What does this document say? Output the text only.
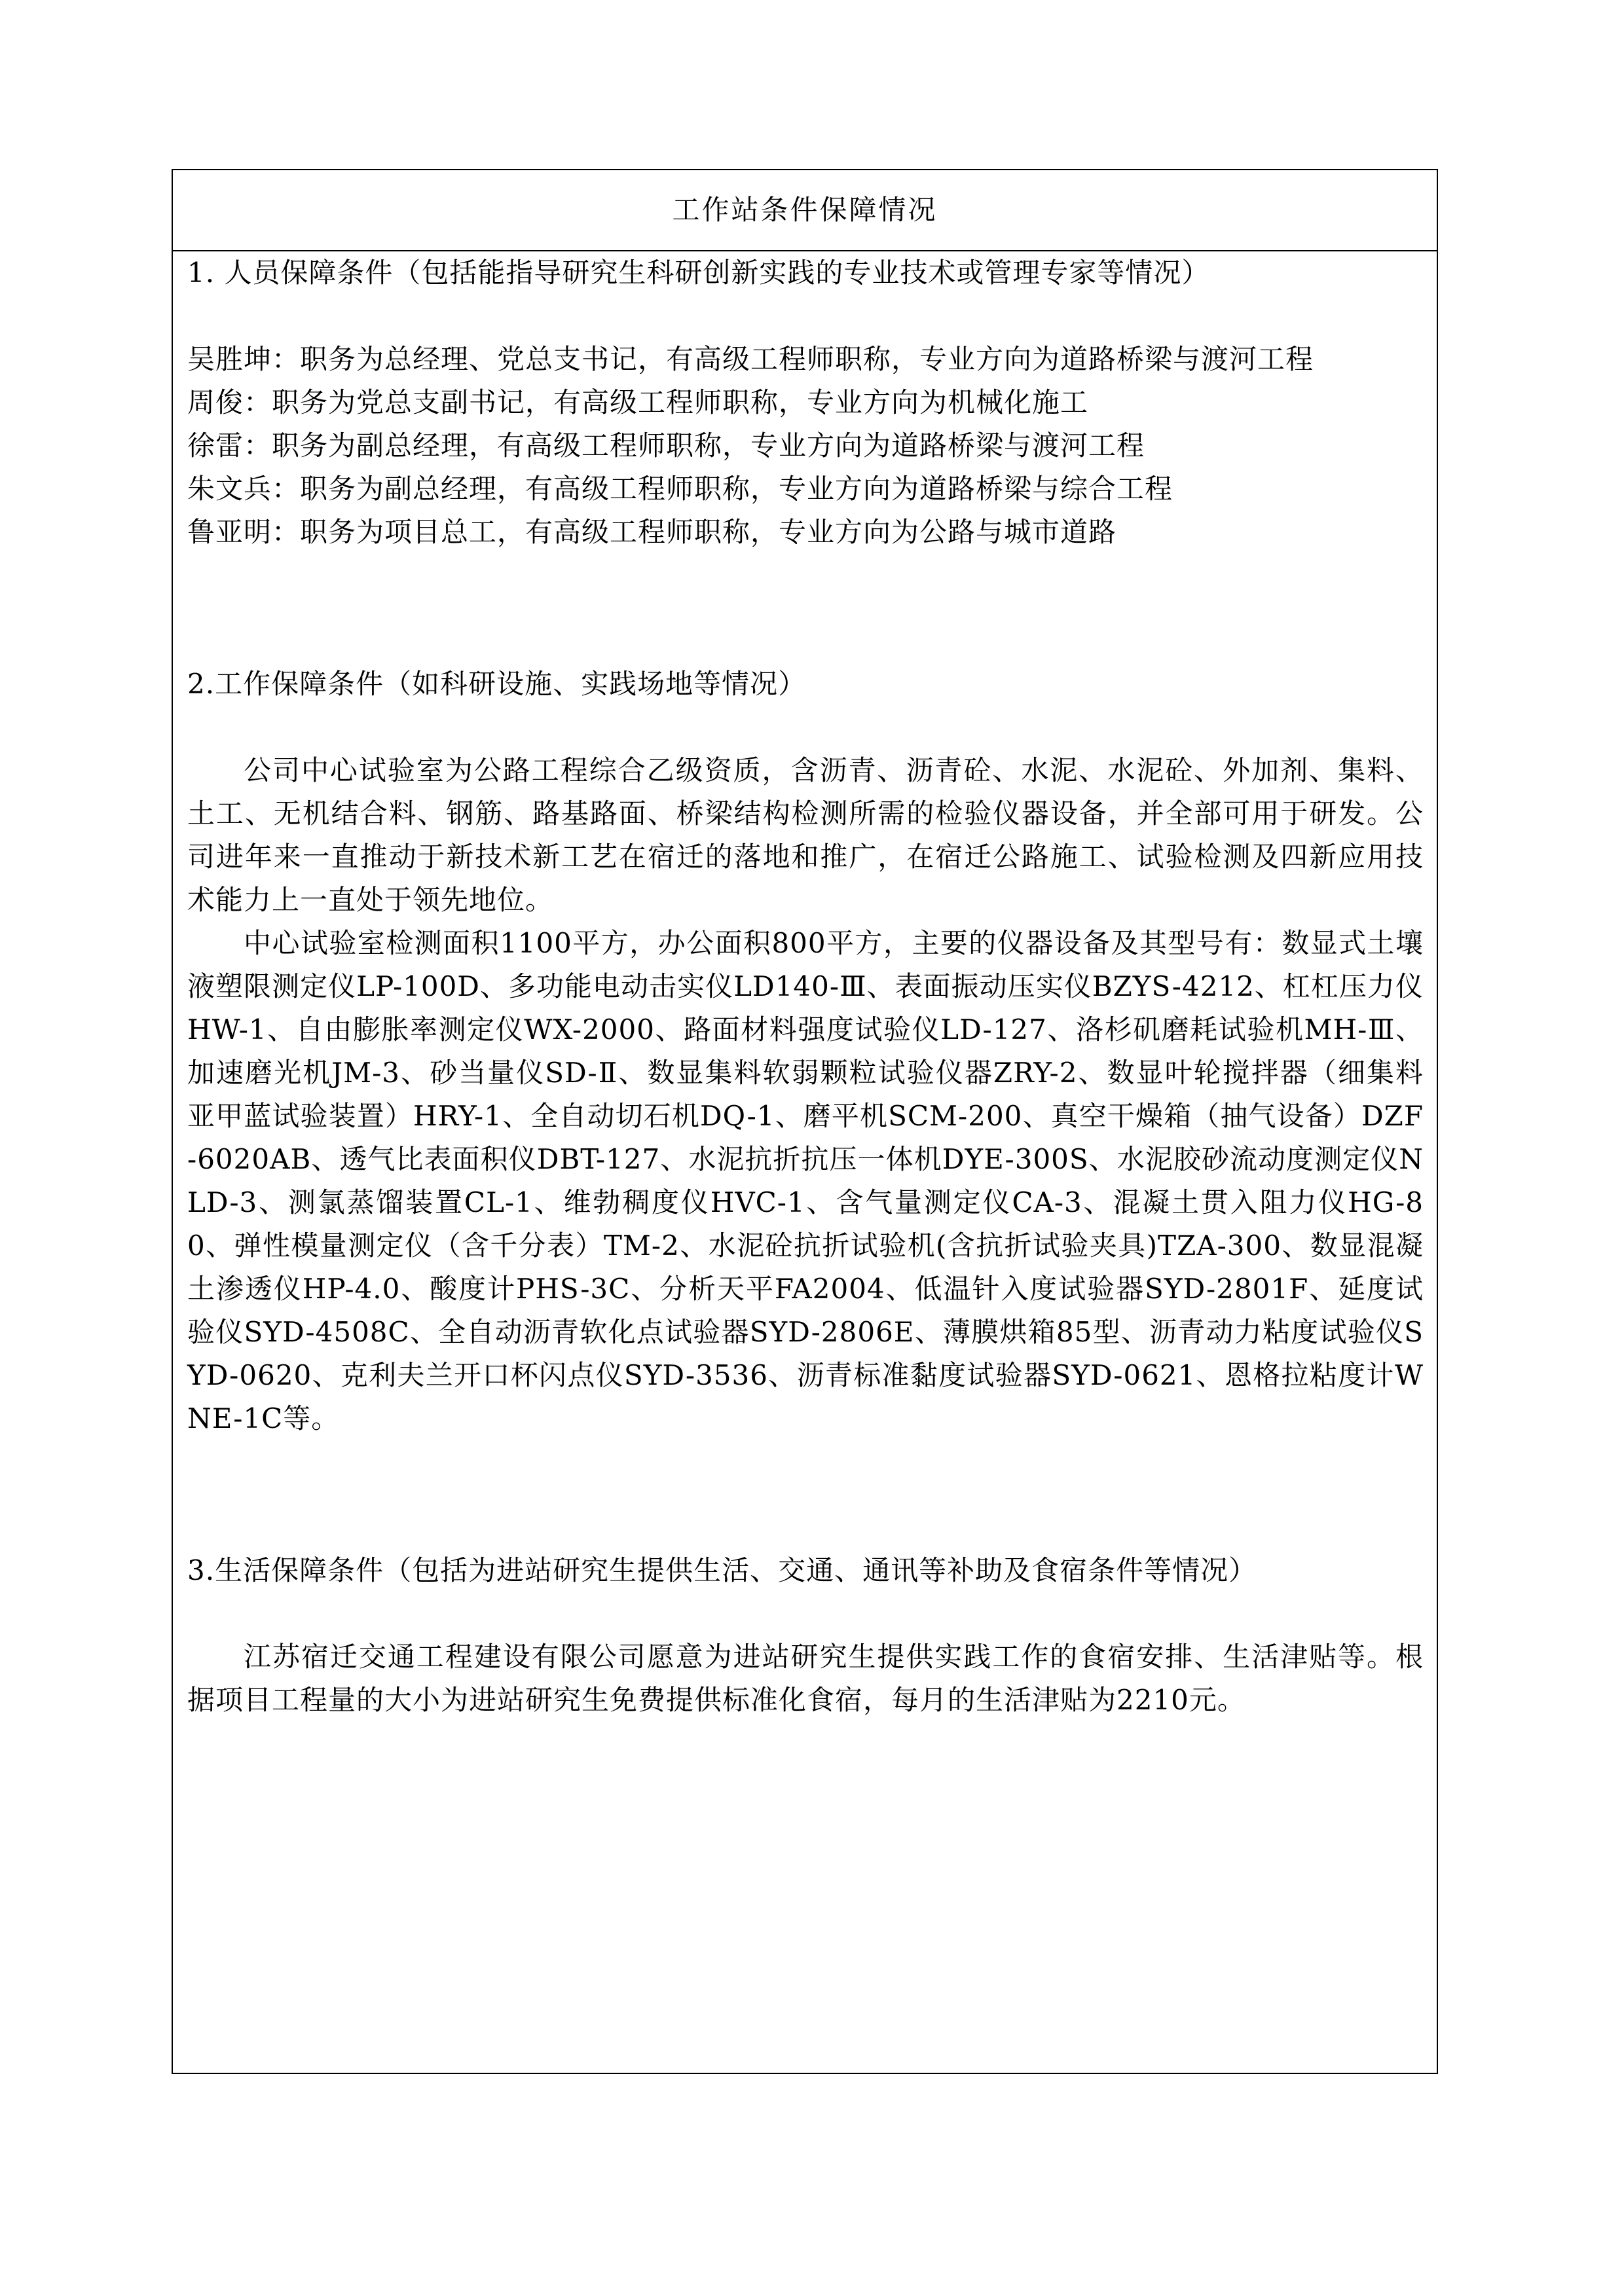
工作站条件保障情况

1. 人员保障条件（包括能指导研究生科研创新实践的专业技术或管理专家等情况）

吴胜坤：职务为总经理、党总支书记，有高级工程师职称，专业方向为道路桥梁与渡河工程

周俊：职务为党总支副书记，有高级工程师职称，专业方向为机械化施工

徐雷：职务为副总经理，有高级工程师职称，专业方向为道路桥梁与渡河工程

朱文兵：职务为副总经理，有高级工程师职称，专业方向为道路桥梁与综合工程

鲁亚明：职务为项目总工，有高级工程师职称，专业方向为公路与城市道路

2.工作保障条件（如科研设施、实践场地等情况）

公司中心试验室为公路工程综合乙级资质，含沥青、沥青砼、水泥、水泥砼、外加剂、集料、土工、无机结合料、钢筋、路基路面、桥梁结构检测所需的检验仪器设备，并全部可用于研发。公司进年来一直推动于新技术新工艺在宿迁的落地和推广，在宿迁公路施工、试验检测及四新应用技术能力上一直处于领先地位。

中心试验室检测面积1100平方，办公面积800平方，主要的仪器设备及其型号有：数显式土壤液塑限测定仪LP-100D、多功能电动击实仪LD140-Ⅲ、表面振动压实仪BZYS-4212、杠杠压力仪HW-1、自由膨胀率测定仪WX-2000、路面材料强度试验仪LD-127、洛杉矶磨耗试验机MH-Ⅲ、加速磨光机JM-3、砂当量仪SD-Ⅱ、数显集料软弱颗粒试验仪器ZRY-2、数显叶轮搅拌器（细集料亚甲蓝试验装置）HRY-1、全自动切石机DQ-1、磨平机SCM-200、真空干燥箱（抽气设备）DZF-6020AB、透气比表面积仪DBT-127、水泥抗折抗压一体机DYE-300S、水泥胶砂流动度测定仪NLD-3、测氯蒸馏装置CL-1、维勃稠度仪HVC-1、含气量测定仪CA-3、混凝土贯入阻力仪HG-80、弹性模量测定仪（含千分表）TM-2、水泥砼抗折试验机(含抗折试验夹具)TZA-300、数显混凝土渗透仪HP-4.0、酸度计PHS-3C、分析天平FA2004、低温针入度试验器SYD-2801F、延度试验仪SYD-4508C、全自动沥青软化点试验器SYD-2806E、薄膜烘箱85型、沥青动力粘度试验仪SYD-0620、克利夫兰开口杯闪点仪SYD-3536、沥青标准黏度试验器SYD-0621、恩格拉粘度计WNE-1C等。

3.生活保障条件（包括为进站研究生提供生活、交通、通讯等补助及食宿条件等情况）

江苏宿迁交通工程建设有限公司愿意为进站研究生提供实践工作的食宿安排、生活津贴等。根据项目工程量的大小为进站研究生免费提供标准化食宿，每月的生活津贴为2210元。
